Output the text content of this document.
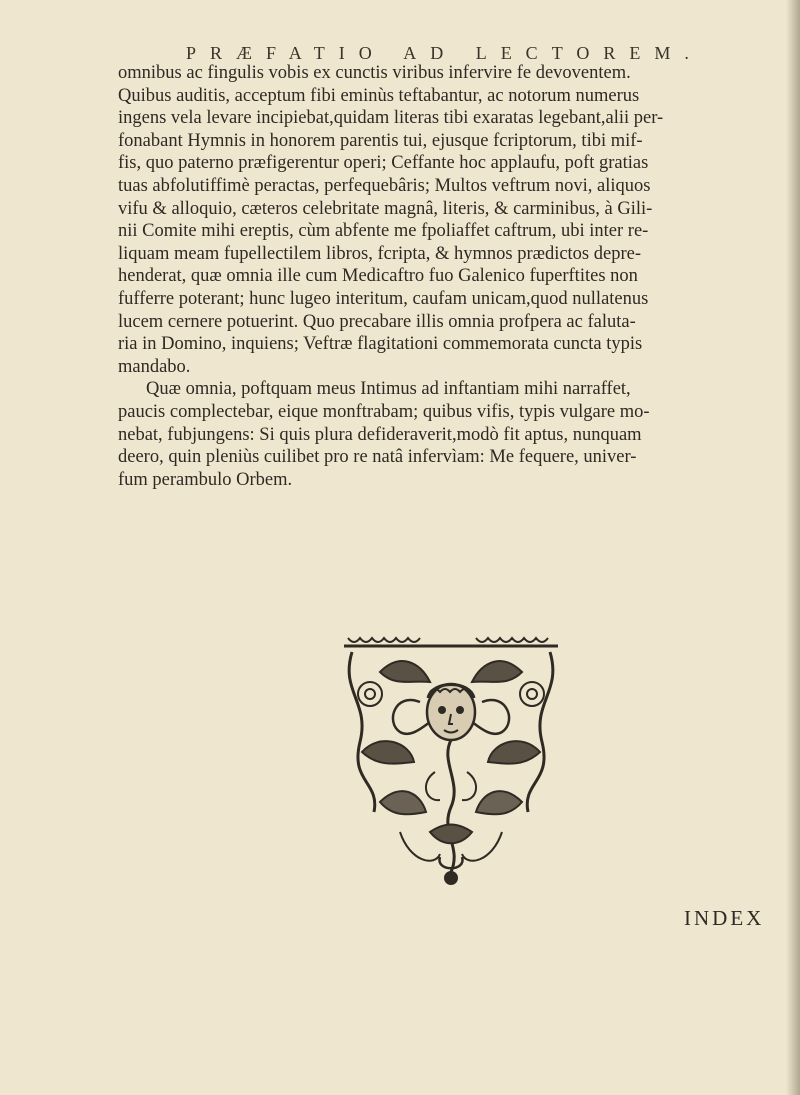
PRÆFATIO AD LECTOREM.
omnibus ac fingulis vobis ex cunctis viribus infervire fe devoventem.
Quibus auditis, acceptum fibi eminùs teftabantur, ac notorum numerus
ingens vela levare incipiebat,quidam literas tibi exaratas legebant,alii per-
fonabant Hymnis in honorem parentis tui, ejusque fcriptorum, tibi mif-
fis, quo paterno præfigerentur operi; Ceffante hoc applaufu, poft gratias
tuas abfolutiffimè peractas, perfequebâris; Multos veftrum novi, aliquos
vifu & alloquio, cæteros celebritate magnâ, literis, & carminibus, à Gili-
nii Comite mihi ereptis, cùm abfente me fpoliaffet caftrum, ubi inter re-
liquam meam fupellectilem libros, fcripta, & hymnos prædictos depre-
henderat, quæ omnia ille cum Medicaftro fuo Galenico fuperftites non
fufferre poterant; hunc lugeo interitum, caufam unicam,quod nullatenus
lucem cernere potuerint. Quo precabare illis omnia profpera ac faluta-
ria in Domino, inquiens; Veftræ flagitationi commemorata cuncta typis
mandabo.
Quæ omnia, poftquam meus Intimus ad inftantiam mihi narraffet,
paucis complectebar, eique monftrabam; quibus vifis, typis vulgare mo-
nebat, fubjungens: Si quis plura defideraverit,modò fit aptus, nunquam
deero, quin pleniùs cuilibet pro re natâ infervìam: Me fequere, univer-
fum perambulo Orbem.
INDEX
